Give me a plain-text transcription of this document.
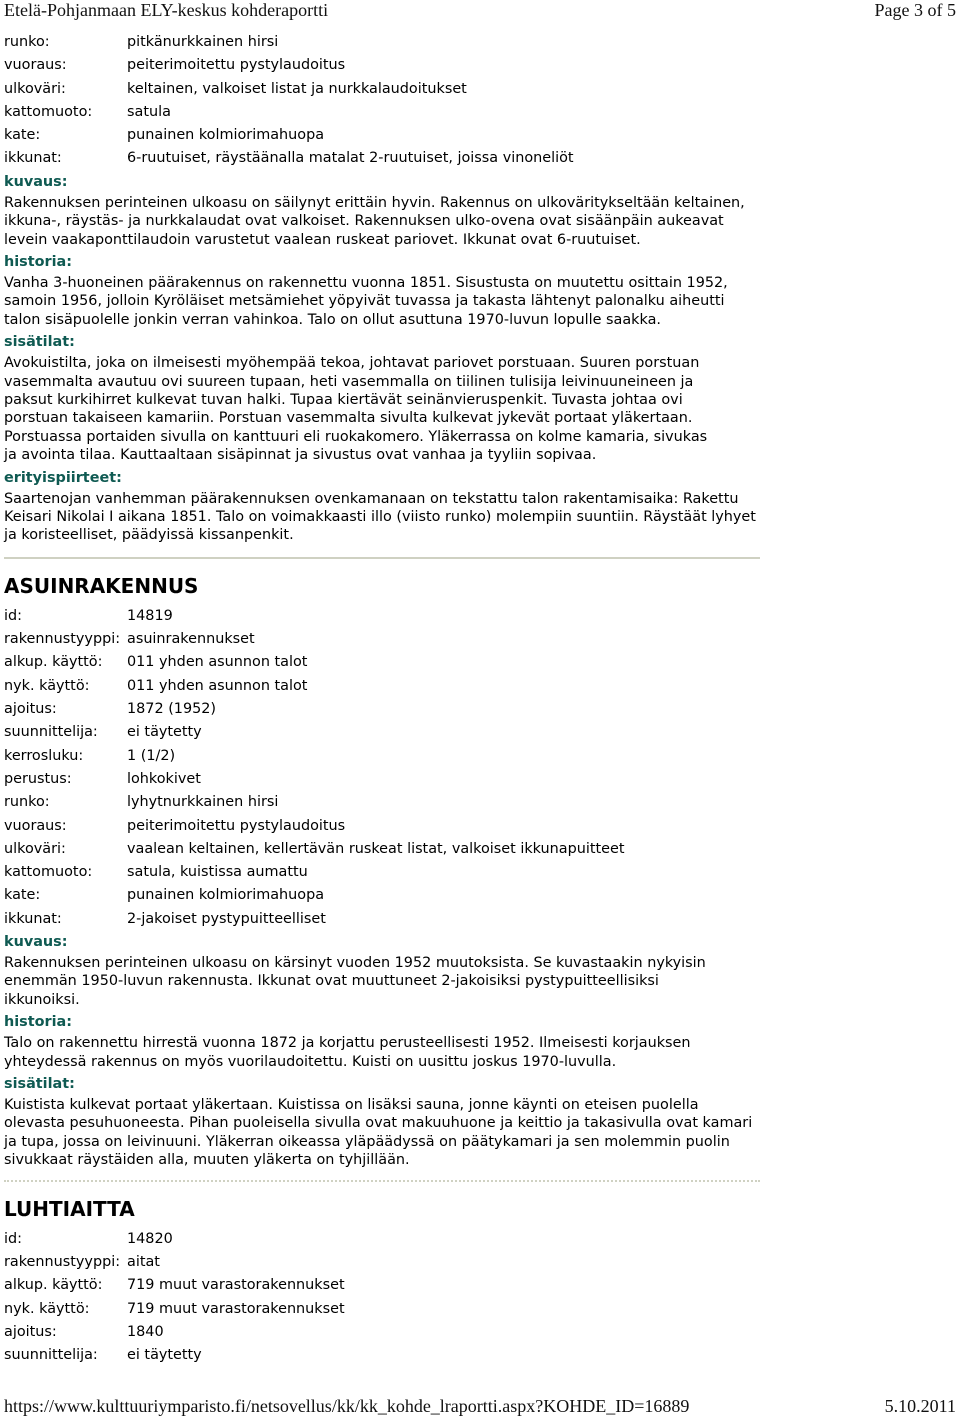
Etelä-Pohjanmaan ELY-keskus kohderaportti	Page 3 of 5
runko:	pitkänurkkainen hirsi
vuoraus:	peiterimoitettu pystylaudoitus
ulkoväri:	keltainen, valkoiset listat ja nurkkalaudoitukset
kattomuoto: satula
kate:	punainen kolmiorimahuopa
ikkunat:	6-ruutuiset, räystäänalla matalat 2-ruutuiset, joissa vinoneliöt
kuvaus:
Rakennuksen perinteinen ulkoasu on säilynyt erittäin hyvin. Rakennus on ulkoväritykseltään keltainen, ikkuna-, räystäs- ja nurkkalaudat ovat valkoiset. Rakennuksen ulko-ovena ovat sisäänpäin aukeavat levein vaakaponttilaudoin varustetut vaalean ruskeat pariovet. Ikkunat ovat 6-ruutuiset.
historia:
Vanha 3-huoneinen päärakennus on rakennettu vuonna 1851. Sisustusta on muutettu osittain 1952, samoin 1956, jolloin Kyröläiset metsämiehet yöpyivät tuvassa ja takasta lähtenyt palonalku aiheutti talon sisäpuolelle jonkin verran vahinkoa. Talo on ollut asuttuna 1970-luvun lopulle saakka.
sisätilat:
Avokuistilta, joka on ilmeisesti myöhempää tekoa, johtavat pariovet porstuaan. Suuren porstuan vasemmalta avautuu ovi suureen tupaan, heti vasemmalla on tiilinen tulisija leivinuuneineen ja paksut kurkihirret kulkevat tuvan halki. Tupaa kiertävät seinänvieruspenkit. Tuvasta johtaa ovi porstuan takaiseen kamariin. Porstuan vasemmalta sivulta kulkevat jykevät portaat yläkertaan. Porstuassa portaiden sivulla on kanttuuri eli ruokakomero. Yläkerrassa on kolme kamaria, sivukas ja avointa tilaa. Kauttaaltaan sisäpinnat ja sivustus ovat vanhaa ja tyyliin sopivaa.
erityispiirteet:
Saartenojan vanhemman päärakennuksen ovenkamanaan on tekstattu talon rakentamisaika: Rakettu Keisari Nikolai I aikana 1851. Talo on voimakkaasti illo (viisto runko) molempiin suuntiin. Räystäät lyhyet ja koristeelliset, päädyissä kissanpenkit.
ASUINRAKENNUS
id:	14819
rakennustyyppi: asuinrakennukset
alkup. käyttö: 011 yhden asunnon talot
nyk. käyttö:	011 yhden asunnon talot
ajoitus:	1872 (1952)
suunnittelija: ei täytetty
kerrosluku:	1 (1/2)
perustus:	lohkokivet
runko:	lyhytnurkkainen hirsi
vuoraus:	peiterimoitettu pystylaudoitus
ulkoväri:	vaalean keltainen, kellertävän ruskeat listat, valkoiset ikkunapuitteet
kattomuoto: satula, kuistissa aumattu
kate:	punainen kolmiorimahuopa
ikkunat:	2-jakoiset pystypuitteelliset
kuvaus:
Rakennuksen perinteinen ulkoasu on kärsinyt vuoden 1952 muutoksista. Se kuvastaakin nykyisin enemmän 1950-luvun rakennusta. Ikkunat ovat muuttuneet 2-jakoisiksi pystypuitteellisiksi ikkunoiksi.
historia:
Talo on rakennettu hirrestä vuonna 1872 ja korjattu perusteellisesti 1952. Ilmeisesti korjauksen yhteydessä rakennus on myös vuorilaudoitettu. Kuisti on uusittu joskus 1970-luvulla.
sisätilat:
Kuistista kulkevat portaat yläkertaan. Kuistissa on lisäksi sauna, jonne käynti on eteisen puolella olevasta pesuhuoneesta. Pihan puoleisella sivulla ovat makuuhuone ja keittio ja takasivulla ovat kamari ja tupa, jossa on leivinuuni. Yläkerran oikeassa yläpäädyssä on päätykamari ja sen molemmin puolin sivukkaat räystäiden alla, muuten yläkerta on tyhjillään.
LUHTIAITTA
id:	14820
rakennustyyppi: aitat
alkup. käyttö: 719 muut varastorakennukset
nyk. käyttö:	719 muut varastorakennukset
ajoitus:	1840
suunnittelija: ei täytetty
https://www.kulttuuriymparisto.fi/netsovellus/kk/kk_kohde_lraportti.aspx?KOHDE_ID=16889	5.10.2011
